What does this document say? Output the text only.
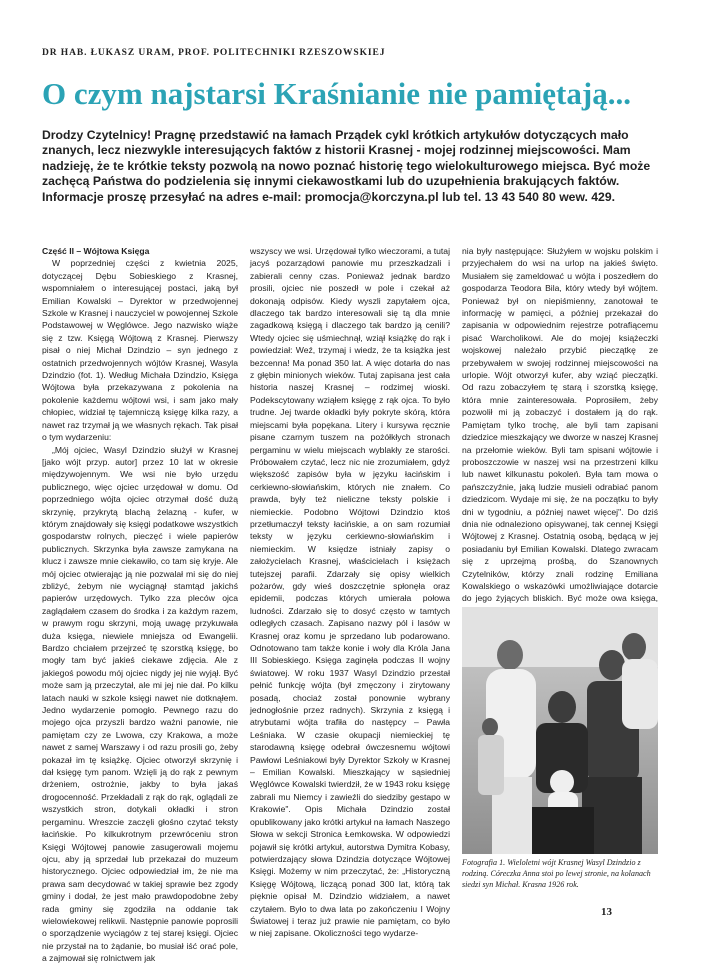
DR HAB. ŁUKASZ URAM, PROF. POLITECHNIKI RZESZOWSKIEJ
O czym najstarsi Kraśnianie nie pamiętają...

Drodzy Czytelnicy! Pragnę przedstawić na łamach Prządek cykl krótkich artykułów dotyczących mało znanych, lecz niezwykle interesujących faktów z historii Krasnej - mojej rodzinnej miejscowości. Mam nadzieję, że te krótkie teksty pozwolą na nowo poznać historię tego wielokulturowego miejsca. Być może zachęcą Państwa do podzielenia się innymi ciekawostkami lub do uzupełnienia brakujących faktów. Informacje proszę przesyłać na adres e-mail: promocja@korczyna.pl lub tel. 13 43 540 80 wew. 429.

Część II – Wójtowa Księga

W poprzedniej części z kwietnia 2025, dotyczącej Dębu Sobieskiego z Krasnej, wspomniałem o interesującej postaci, jaką był Emilian Kowalski – Dyrektor w przedwojennej Szkole w Krasnej i nauczyciel w powojennej Szkole Podstawowej w Węglówce. Jego nazwisko wiąże się z tzw. Księgą Wójtową z Krasnej. Pierwszy pisał o niej Michał Dzindzio – syn jednego z ostatnich przedwojennych wójtów Krasnej, Wasyla Dzindzio (fot. 1). Według Michała Dzindzio, Księga Wójtowa była przekazywana z pokolenia na pokolenie każdemu wójtowi wsi, i sam jako mały chłopiec, widział tę tajemniczą księgę kilka razy, a nawet raz trzymał ją we własnych rękach. Tak pisał o tym wydarzeniu:

„Mój ojciec, Wasyl Dzindzio służył w Krasnej [jako wójt przyp. autor] przez 10 lat w okresie międzywojennym. We wsi nie było urzędu publicznego, więc ojciec urzędował w domu. Od poprzedniego wójta ojciec otrzymał dość dużą skrzynię, przykrytą blachą żelazną - kufer, w którym znajdowały się księgi podatkowe wszystkich gospodarstw rolnych, pieczęć i wiele papierów publicznych. Skrzynka była zawsze zamykana na klucz i zawsze mnie ciekawiło, co tam się kryje. Ale mój ojciec otwierając ją nie pozwalał mi się do niej zbliżyć, żebym nie wyciągnął stamtąd jakichś papierów urzędowych. Tylko zza pleców ojca zaglądałem czasem do środka i za każdym razem, w prawym rogu skrzyni, moją uwagę przykuwała duża księga, niewiele mniejsza od Ewangelii. Bardzo chciałem przejrzeć tę szorstką księgę, bo mogły tam być jakieś ciekawe zdjęcia. Ale z jakiegoś powodu mój ojciec nigdy jej nie wyjął. Być może sam ją przeczytał, ale mi jej nie dał. Po kilku latach nauki w szkole księgi nawet nie dotknąłem. Jedno wydarzenie pomogło. Pewnego razu do mojego ojca przyszli bardzo ważni panowie, nie pamiętam czy ze Lwowa, czy Krakowa, a może nawet z samej Warszawy i od razu prosili go, żeby pokazał im tę książkę. Ojciec otworzył skrzynię i dał księgę tym panom. Wzięli ją do rąk z pewnym drżeniem, ostrożnie, jakby to była jakaś drogocenność. Przekładali z rąk do rąk, oglądali ze wszystkich stron, dotykali okładki i stron pergaminu. Wreszcie zaczęli głośno czytać teksty łacińskie. Po kilkukrotnym przewróceniu stron Księgi Wójtowej panowie zasugerowali mojemu ojcu, aby ją sprzedał lub przekazał do muzeum historycznego. Ojciec odpowiedział im, że nie ma prawa sam decydować w takiej sprawie bez zgody gminy i dodał, że jest mało prawdopodobne żeby rada gminy się zgodziła na oddanie tak wielowiekowej relikwii. Następnie panowie poprosili o sporządzenie wyciągów z tej starej księgi. Ojciec nie przystał na to żądanie, bo musiał iść orać pole, a zajmował się rolnictwem jak

wszyscy we wsi. Urzędował tylko wieczorami, a tutaj jacyś pozarządowi panowie mu przeszkadzali i zabierali cenny czas. Ponieważ jednak bardzo prosili, ojciec nie poszedł w pole i czekał aż dokonają odpisów. Kiedy wyszli zapytałem ojca, dlaczego tak bardzo interesowali się tą dla mnie zagadkową księgą i dlaczego tak bardzo ją cenili? Wtedy ojciec się uśmiechnął, wziął książkę do rąk i powiedział: Weź, trzymaj i wiedz, że ta książka jest bezcenna! Ma ponad 350 lat. A więc dotarła do nas z głębin minionych wieków. Tutaj zapisana jest cała historia naszej Krasnej – rodzimej wioski. Podekscytowany wziąłem księgę z rąk ojca. To było trudne. Jej twarde okładki były pokryte skórą, która miejscami była popękana. Litery i kursywa ręcznie pisane czarnym tuszem na pożółkłych stronach pergaminu w wielu miejscach wyblakły ze starości. Próbowałem czytać, lecz nic nie zrozumiałem, gdyż większość zapisów była w języku łacińskim i cerkiewno-słowiańskim, których nie znałem. Co prawda, były też nieliczne teksty polskie i niemieckie. Podobno Wójtowi Dzindzio ktoś przetłumaczył teksty łacińskie, a on sam rozumiał teksty w języku cerkiewno-słowiańskim i niemieckim. W księdze istniały zapisy o założycielach Krasnej, właścicielach i księżach tutejszej parafii. Zdarzały się opisy wielkich pożarów, gdy wieś doszczętnie spłonęła oraz epidemii, podczas których umierała połowa ludności. Zdarzało się to dosyć często w tamtych odległych czasach. Zapisano nazwy pól i lasów w Krasnej oraz komu je sprzedano lub podarowano. Odnotowano tam także konie i woły dla Króla Jana III Sobieskiego. Księga zaginęła podczas II wojny światowej. W roku 1937 Wasyl Dzindzio przestał pełnić funkcję wójta (był zmęczony i zirytowany posadą, chociaż został ponownie wybrany jednogłośnie przez radnych). Skrzynia z księgą i atrybutami wójta trafiła do następcy – Pawła Leśniaka. W czasie okupacji niemieckiej tę starodawną księgę odebrał ówczesnemu wójtowi Pawłowi Leśniakowi były Dyrektor Szkoły w Krasnej – Emilian Kowalski. Mieszkający w sąsiedniej Węglówce Kowalski twierdził, że w 1943 roku księgę zabrali mu Niemcy i zawieźli do siedziby gestapo w Krakowie". Opis Michała Dzindzio został opublikowany jako krótki artykuł na łamach Naszego Słowa w sekcji Stronica Łemkowska. W odpowiedzi pojawił się krótki artykuł, autorstwa Dymitra Kobasy, potwierdzający słowa Dzindzia dotyczące Wójtowej Księgi. Możemy w nim przeczytać, że: „Historyczną Księgę Wójtową, liczącą ponad 300 lat, którą tak pięknie opisał M. Dzindzio widziałem, a nawet czytałem. Było to dwa lata po zakończeniu I Wojny Światowej i teraz już prawie nie pamiętam, co było w niej zapisane. Okoliczności tego wydarze-

nia były następujące: Służyłem w wojsku polskim i przyjechałem do wsi na urlop na jakieś święto. Musiałem się zameldować u wójta i poszedłem do gospodarza Teodora Bila, który wtedy był wójtem. Ponieważ był on niepiśmienny, zanotował te informację w pamięci, a później przekazał do zapisania w odpowiednim rejestrze potrafiącemu pisać Warcholikowi. Ale do mojej książeczki wojskowej należało przybić pieczątkę ze przebywałem w swojej rodzinnej miejscowości na urlopie. Wójt otworzył kufer, aby wziąć pieczątki. Od razu zobaczyłem tę starą i szorstką księgę, która mnie zainteresowała. Poprosiłem, żeby pozwolił mi ją zobaczyć i dostałem ją do rąk. Pamiętam tylko trochę, ale byli tam zapisani dziedzice mieszkający we dworze w naszej Krasnej na przełomie wieków. Byli tam spisani wójtowie i proboszczowie w naszej wsi na przestrzeni kilku lub nawet kilkunastu pokoleń. Była tam mowa o pańszczyźnie, jaką ludzie musieli odrabiać panom dziedzicom. Wydaje mi się, że na początku to były dni w tygodniu, a później nawet więcej". Do dziś dnia nie odnaleziono opisywanej, tak cennej Księgi Wójtowej z Krasnej. Ostatnią osobą, będącą w jej posiadaniu był Emilian Kowalski. Dlatego zwracam się z uprzejmą prośbą, do Szanownych Czytelników, którzy znali rodzinę Emiliana Kowalskiego o wskazówki umożliwiające dotarcie do jego żyjących bliskich. Być może owa księga,

Fotografia 1. Wieloletni wójt Krasnej Wasyl Dzindzio z rodziną. Córeczka Anna stoi po lewej stronie, na kolanach siedzi syn Michał. Krasna 1926 rok.

13
